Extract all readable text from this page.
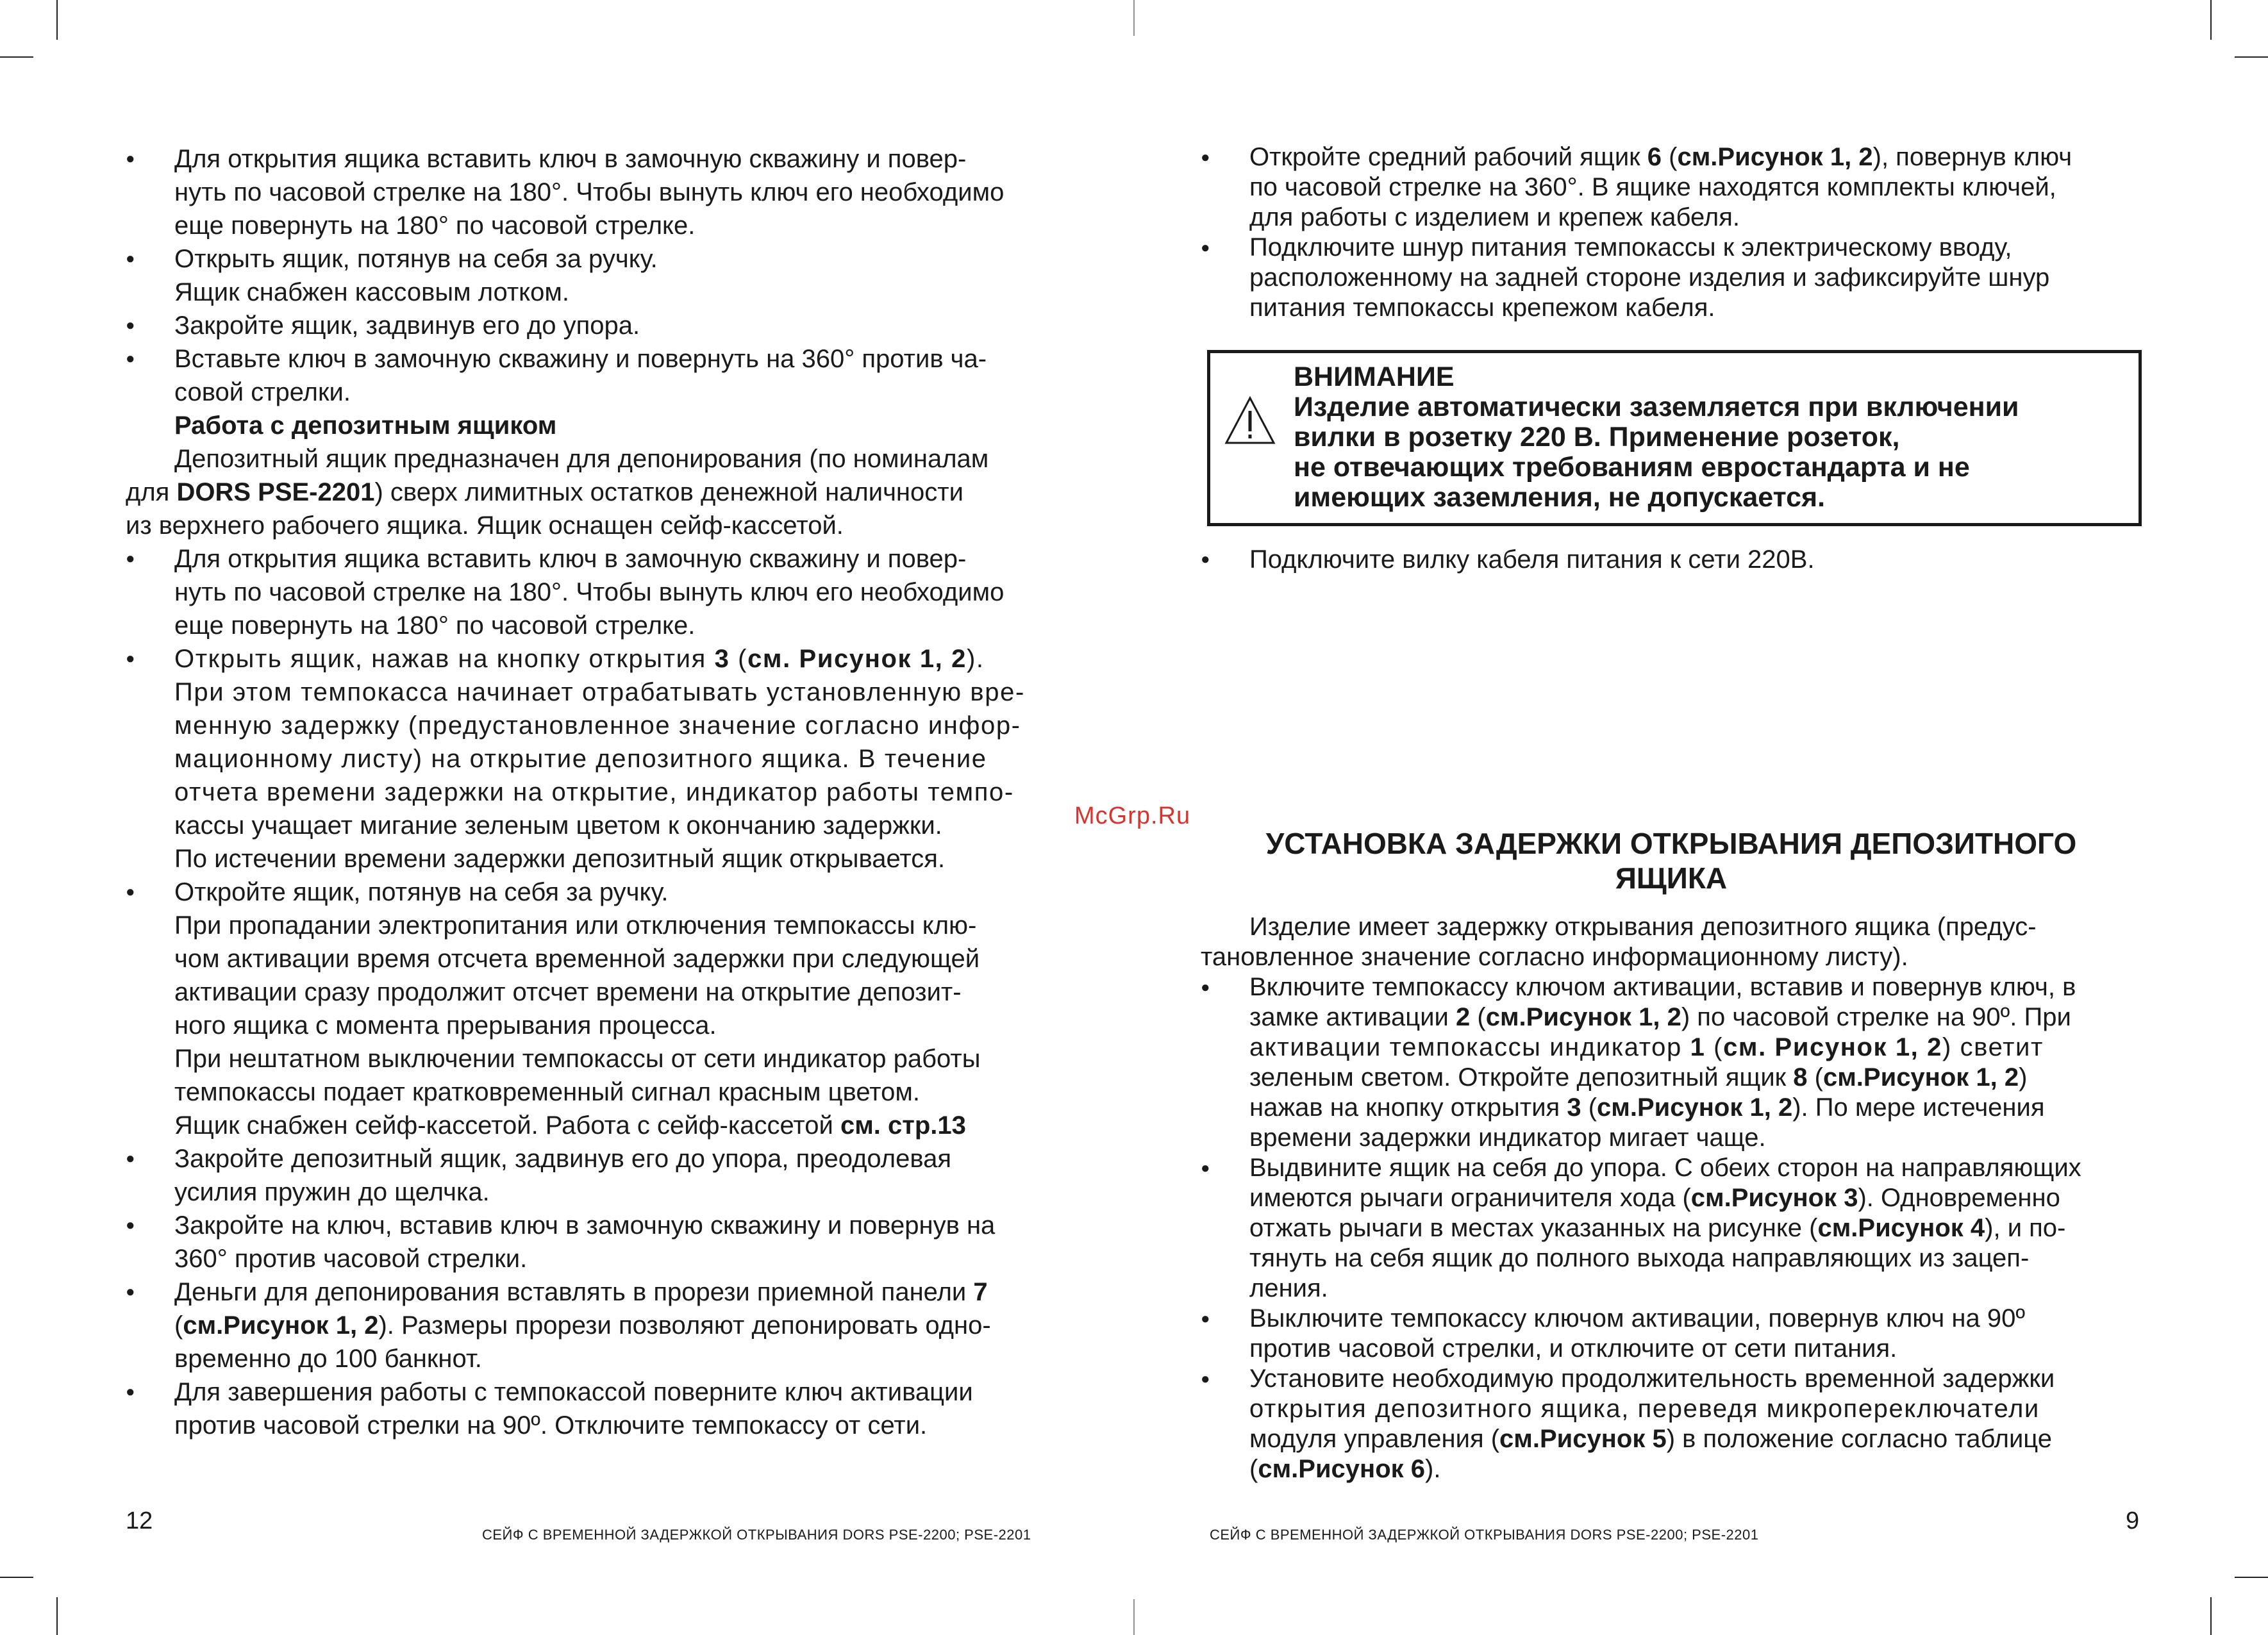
● Для открытия ящика вставить ключ в замочную скважину и повер-
нуть по часовой стрелке на 180°. Чтобы вынуть ключ его необходимо
еще повернуть на 180° по часовой стрелке.
● Открыть ящик, потянув на себя за ручку.
Ящик снабжен кассовым лотком.
● Закройте ящик, задвинув его до упора.
● Вставьте ключ в замочную скважину и повернуть на 360° против ча-
совой стрелки.
Работа с депозитным ящиком
Депозитный ящик предназначен для депонирования (по номиналам
для DORS PSE-2201) сверх лимитных остатков денежной наличности
из верхнего рабочего ящика. Ящик оснащен сейф-кассетой.
● Для открытия ящика вставить ключ в замочную скважину и повер-
нуть по часовой стрелке на 180°. Чтобы вынуть ключ его необходимо
еще повернуть на 180° по часовой стрелке.
● Открыть ящик, нажав на кнопку открытия 3 (см. Рисунок 1, 2).
При этом темпокасса начинает отрабатывать установленную вре-
менную задержку (предустановленное значение согласно инфор-
мационному листу) на открытие депозитного ящика. В течение
отчета времени задержки на открытие, индикатор работы темпо-
кассы учащает мигание зеленым цветом к окончанию задержки.
По истечении времени задержки депозитный ящик открывается.
● Откройте ящик, потянув на себя за ручку.
При пропадании электропитания или отключения темпокассы клю-
чом активации время отсчета временной задержки при следующей
активации сразу продолжит отсчет времени на открытие депозит-
ного ящика с момента прерывания процесса.
При нештатном выключении темпокассы от сети индикатор работы
темпокассы подает кратковременный сигнал красным цветом.
Ящик снабжен сейф-кассетой. Работа с сейф-кассетой см. стр.13
● Закройте депозитный ящик, задвинув его до упора, преодолевая
усилия пружин до щелчка.
● Закройте на ключ, вставив ключ в замочную скважину и повернув на
360° против часовой стрелки.
● Деньги для депонирования вставлять в прорези приемной панели 7
(см.Рисунок 1, 2). Размеры прорези позволяют депонировать одно-
временно до 100 банкнот.
● Для завершения работы с темпокассой поверните ключ активации
против часовой стрелки на 90º. Отключите темпокассу от сети.
● Откройте средний рабочий ящик 6 (см.Рисунок 1, 2), повернув ключ
по часовой стрелке на 360°. В ящике находятся комплекты ключей,
для работы с изделием и крепеж кабеля.
● Подключите шнур питания темпокассы к электрическому вводу,
расположенному на задней стороне изделия и зафиксируйте шнур
питания темпокассы крепежом кабеля.
ВНИМАНИЕ
Изделие автоматически заземляется при включении
вилки в розетку 220 В. Применение розеток,
не отвечающих требованиям евростандарта и не
имеющих заземления, не допускается.
● Подключите вилку кабеля питания к сети 220В.
УСТАНОВКА ЗАДЕРЖКИ ОТКРЫВАНИЯ ДЕПОЗИТНОГО
ЯЩИКА
Изделие имеет задержку открывания депозитного ящика (предус-
тановленное значение согласно информационному листу).
● Включите темпокассу ключом активации, вставив и повернув ключ, в
замке активации 2 (см.Рисунок 1, 2) по часовой стрелке на 90º. При
активации темпокассы индикатор 1 (см. Рисунок 1, 2) светит
зеленым светом. Откройте депозитный ящик 8 (см.Рисунок 1, 2)
нажав на кнопку открытия 3 (см.Рисунок 1, 2). По мере истечения
времени задержки индикатор мигает чаще.
● Выдвините ящик на себя до упора. С обеих сторон на направляющих
имеются рычаги ограничителя хода (см.Рисунок 3). Одновременно
отжать рычаги в местах указанных на рисунке (см.Рисунок 4), и по-
тянуть на себя ящик до полного выхода направляющих из зацеп-
ления.
● Выключите темпокассу ключом активации, повернув ключ на 90º
против часовой стрелки, и отключите от сети питания.
● Установите необходимую продолжительность временной задержки
открытия депозитного ящика, переведя микропереключатели
модуля управления (см.Рисунок 5) в положение согласно таблице
(см.Рисунок 6).
McGrp.Ru
12
СЕЙФ С ВРЕМЕННОЙ ЗАДЕРЖКОЙ ОТКРЫВАНИЯ DORS PSE-2200; PSE-2201	СЕЙФ С ВРЕМЕННОЙ ЗАДЕРЖКОЙ ОТКРЫВАНИЯ DORS PSE-2200; PSE-2201
9
